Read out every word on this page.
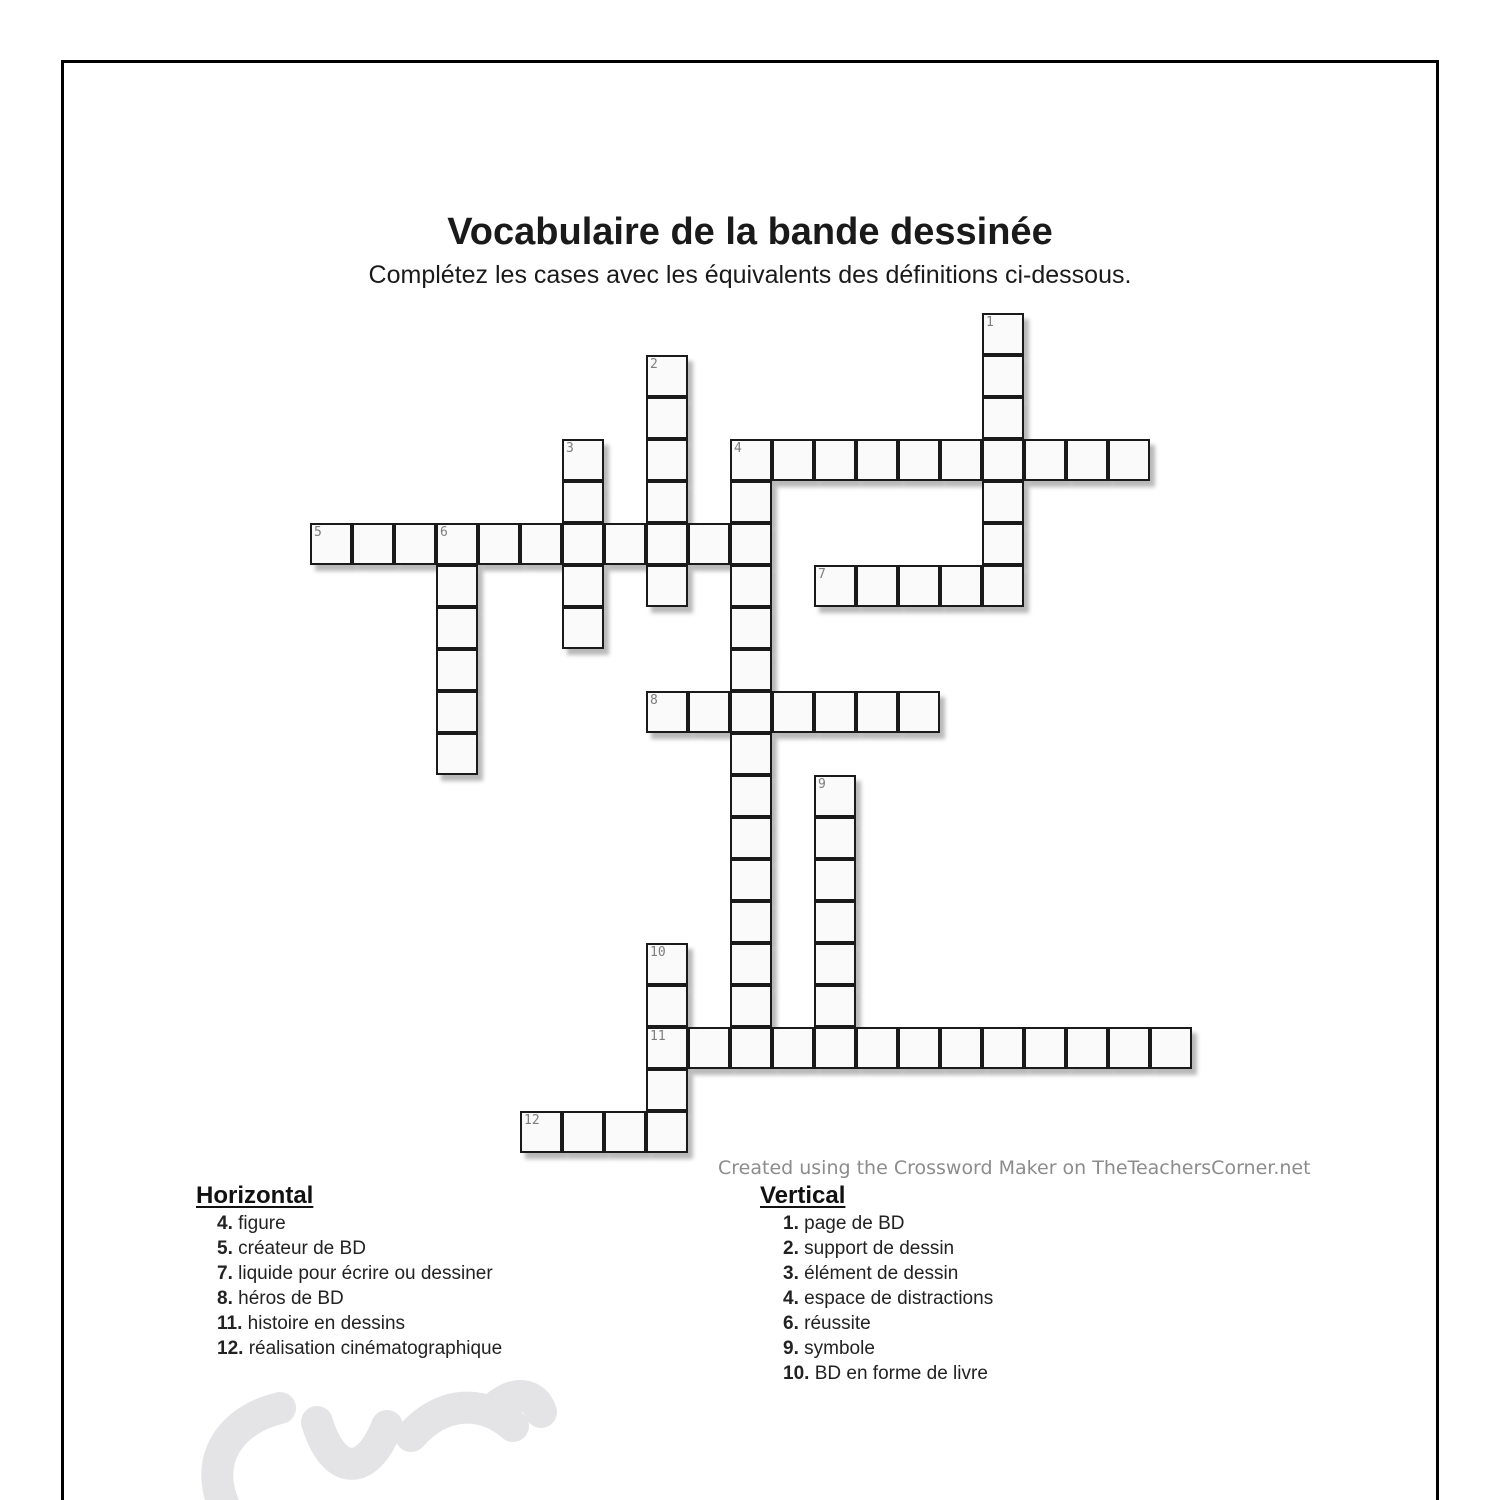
Vocabulaire de la bande dessinée
Complétez les cases avec les équivalents des définitions ci-dessous.
1
2
3	4
5	6
7
8
9
10
11
12
Created using the Crossword Maker on TheTeachersCorner.net
Horizontal
4. figure
5. créateur de BD
7. liquide pour écrire ou dessiner
8. héros de BD
11. histoire en dessins
12. réalisation cinématographique
Vertical
1. page de BD
2. support de dessin
3. élément de dessin
4. espace de distractions
6. réussite
9. symbole
10. BD en forme de livre
